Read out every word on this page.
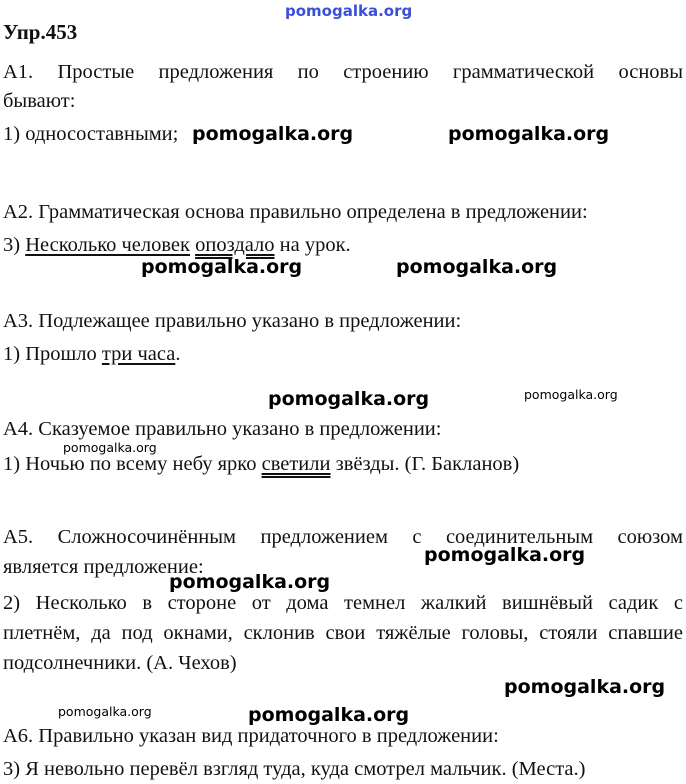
pomogalka.org
Упр.453
А1. Простые предложения по строению грамматической основы
бывают:
1) односоставными;
А2. Грамматическая основа правильно определена в предложении:
3) Несколько человек опоздало на урок.
А3. Подлежащее правильно указано в предложении:
1) Прошло три часа.
А4. Сказуемое правильно указано в предложении:
1) Ночью по всему небу ярко светили звёзды. (Г. Бакланов)
А5. Сложносочинённым предложением с соединительным союзом
является предложение:
2) Несколько в стороне от дома темнел жалкий вишнёвый садик с
плетнём, да под окнами, склонив свои тяжёлые головы, стояли спавшие
подсолнечники. (А. Чехов)
А6. Правильно указан вид придаточного в предложении:
3) Я невольно перевёл взгляд туда, куда смотрел мальчик. (Места.)
pomogalka.org	pomogalka.org
pomogalka.org	pomogalka.org
pomogalka.org	pomogalka.org
pomogalka.org
pomogalka.org
pomogalka.org
pomogalka.org
pomogalka.org	pomogalka.org
